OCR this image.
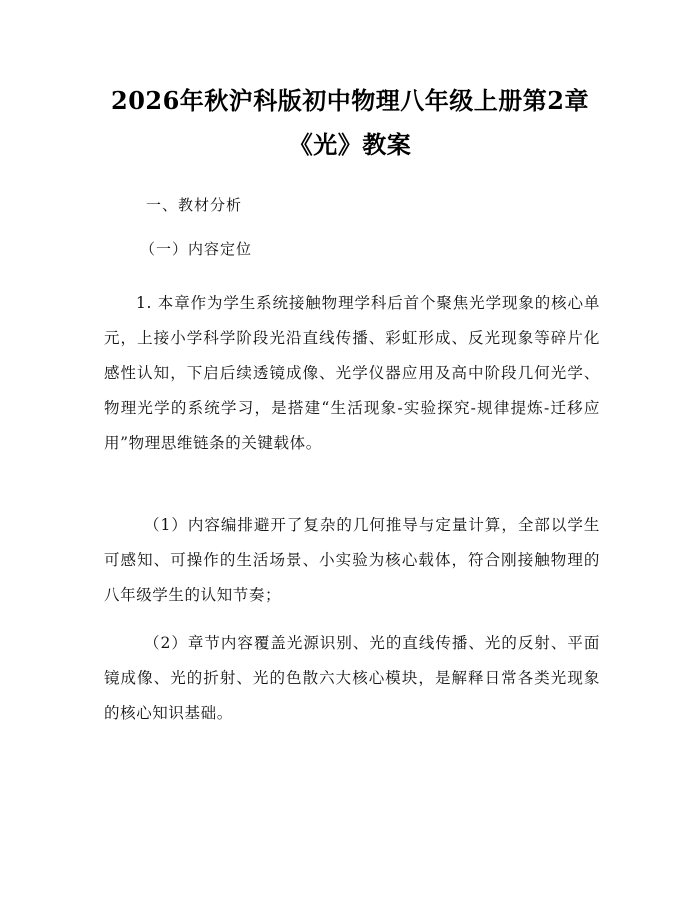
2026年秋沪科版初中物理八年级上册第2章
《光》教案
一、教材分析
（一）内容定位
1. 本章作为学生系统接触物理学科后首个聚焦光学现象的核心单元，上接小学科学阶段光沿直线传播、彩虹形成、反光现象等碎片化感性认知，下启后续透镜成像、光学仪器应用及高中阶段几何光学、物理光学的系统学习，是搭建“生活现象-实验探究-规律提炼-迁移应用”物理思维链条的关键载体。
（1）内容编排避开了复杂的几何推导与定量计算，全部以学生可感知、可操作的生活场景、小实验为核心载体，符合刚接触物理的八年级学生的认知节奏；
（2）章节内容覆盖光源识别、光的直线传播、光的反射、平面镜成像、光的折射、光的色散六大核心模块，是解释日常各类光现象的核心知识基础。
